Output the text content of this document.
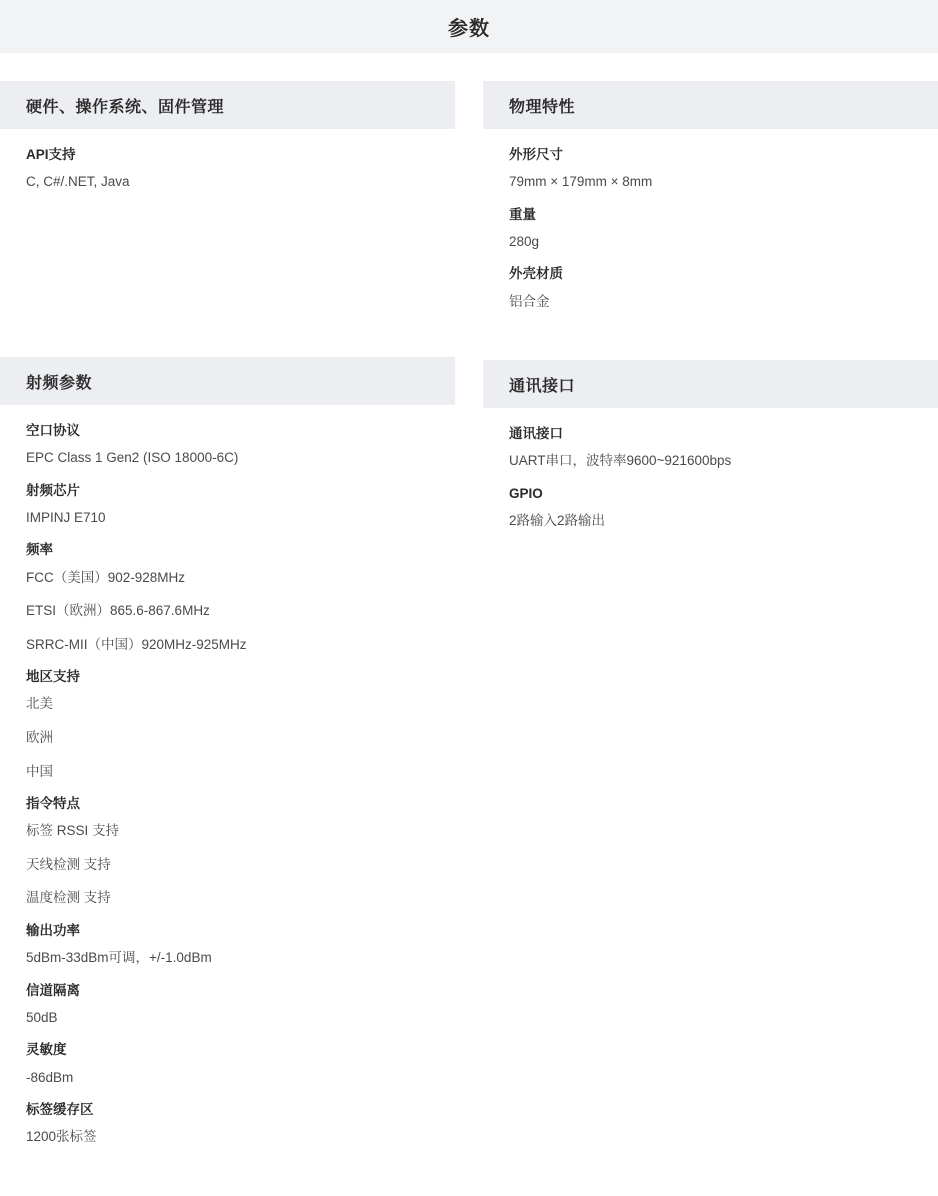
参数
硬件、操作系统、固件管理
API支持
C, C#/.NET, Java
射频参数
空口协议
EPC Class 1 Gen2 (ISO 18000-6C)
射频芯片
IMPINJ E710
频率
FCC（美国）902-928MHz
ETSI（欧洲）865.6-867.6MHz
SRRC-MII（中国）920MHz-925MHz
地区支持
北美
欧洲
中国
指令特点
标签 RSSI 支持
天线检测 支持
温度检测 支持
输出功率
5dBm-33dBm可调，+/-1.0dBm
信道隔离
50dB
灵敏度
-86dBm
标签缓存区
1200张标签
物理特性
外形尺寸
79mm × 179mm × 8mm
重量
280g
外壳材质
铝合金
通讯接口
通讯接口
UART串口，波特率9600~921600bps
GPIO
2路输入2路输出
